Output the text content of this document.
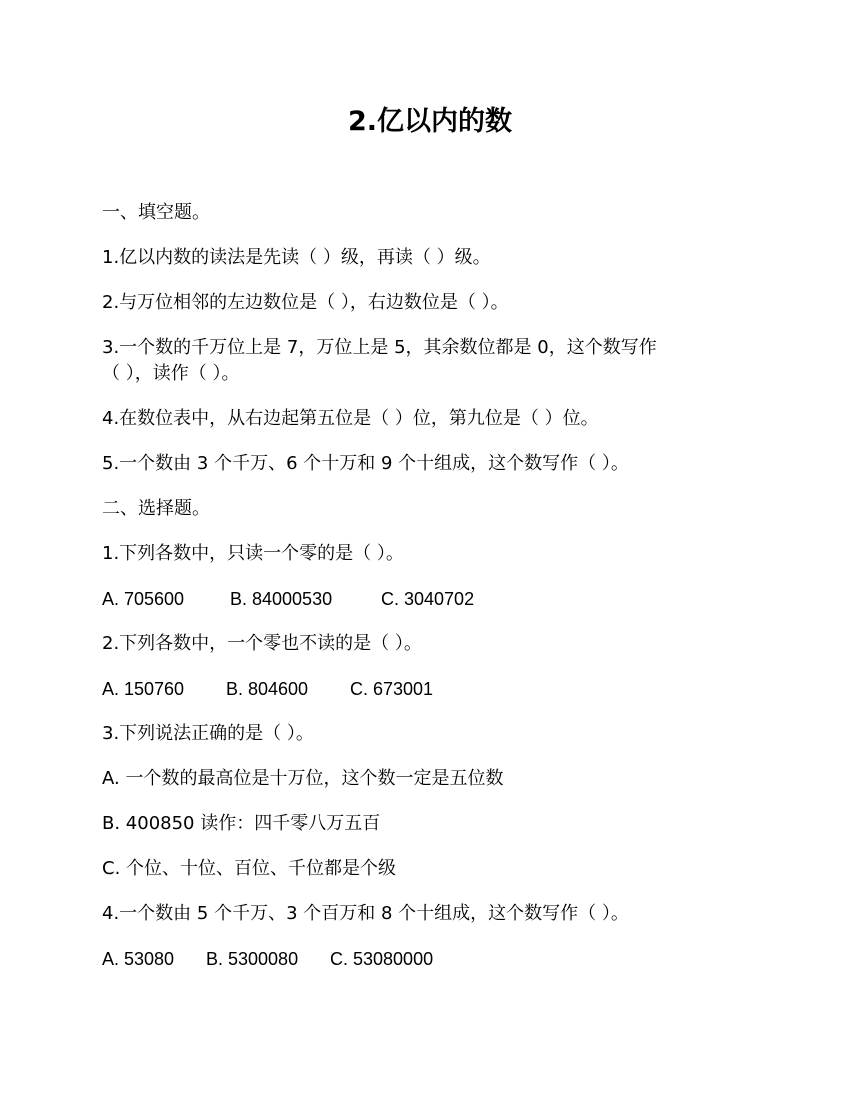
2.亿以内的数

一、填空题。

1.亿以内数的读法是先读（ ）级，再读（ ）级。

2.与万位相邻的左边数位是（ ），右边数位是（ ）。

3.一个数的千万位上是 7，万位上是 5，其余数位都是 0，这个数写作

（ ），读作（ ）。

4.在数位表中，从右边起第五位是（ ）位，第九位是（ ）位。

5.一个数由 3 个千万、6 个十万和 9 个十组成，这个数写作（ ）。

二、选择题。

1.下列各数中，只读一个零的是（ ）。

A. 705600	B. 84000530	C. 3040702

2.下列各数中，一个零也不读的是（ ）。

A. 150760	B. 804600	C. 673001

3.下列说法正确的是（ ）。

A. 一个数的最高位是十万位，这个数一定是五位数

B. 400850 读作：四千零八万五百

C. 个位、十位、百位、千位都是个级

4.一个数由 5 个千万、3 个百万和 8 个十组成，这个数写作（ ）。

A. 53080	B. 5300080	C. 53080000
